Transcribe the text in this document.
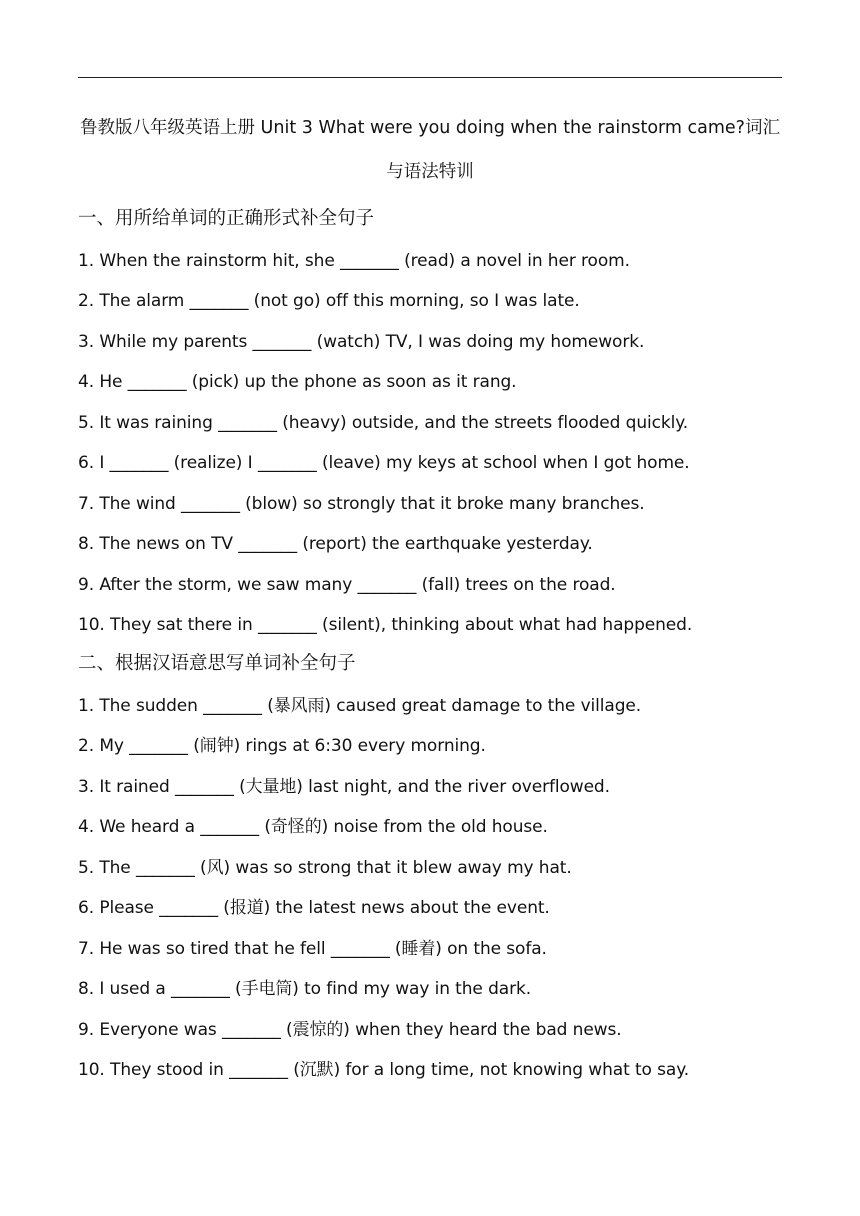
鲁教版八年级英语上册 Unit 3 What were you doing when the rainstorm came?词汇
与语法特训
一、用所给单词的正确形式补全句子
1. When the rainstorm hit, she _______ (read) a novel in her room.
2. The alarm _______ (not go) off this morning, so I was late.
3. While my parents _______ (watch) TV, I was doing my homework.
4. He _______ (pick) up the phone as soon as it rang.
5. It was raining _______ (heavy) outside, and the streets flooded quickly.
6. I _______ (realize) I _______ (leave) my keys at school when I got home.
7. The wind _______ (blow) so strongly that it broke many branches.
8. The news on TV _______ (report) the earthquake yesterday.
9. After the storm, we saw many _______ (fall) trees on the road.
10. They sat there in _______ (silent), thinking about what had happened.
二、根据汉语意思写单词补全句子
1. The sudden _______ (暴风雨) caused great damage to the village.
2. My _______ (闹钟) rings at 6:30 every morning.
3. It rained _______ (大量地) last night, and the river overflowed.
4. We heard a _______ (奇怪的) noise from the old house.
5. The _______ (风) was so strong that it blew away my hat.
6. Please _______ (报道) the latest news about the event.
7. He was so tired that he fell _______ (睡着) on the sofa.
8. I used a _______ (手电筒) to find my way in the dark.
9. Everyone was _______ (震惊的) when they heard the bad news.
10. They stood in _______ (沉默) for a long time, not knowing what to say.
